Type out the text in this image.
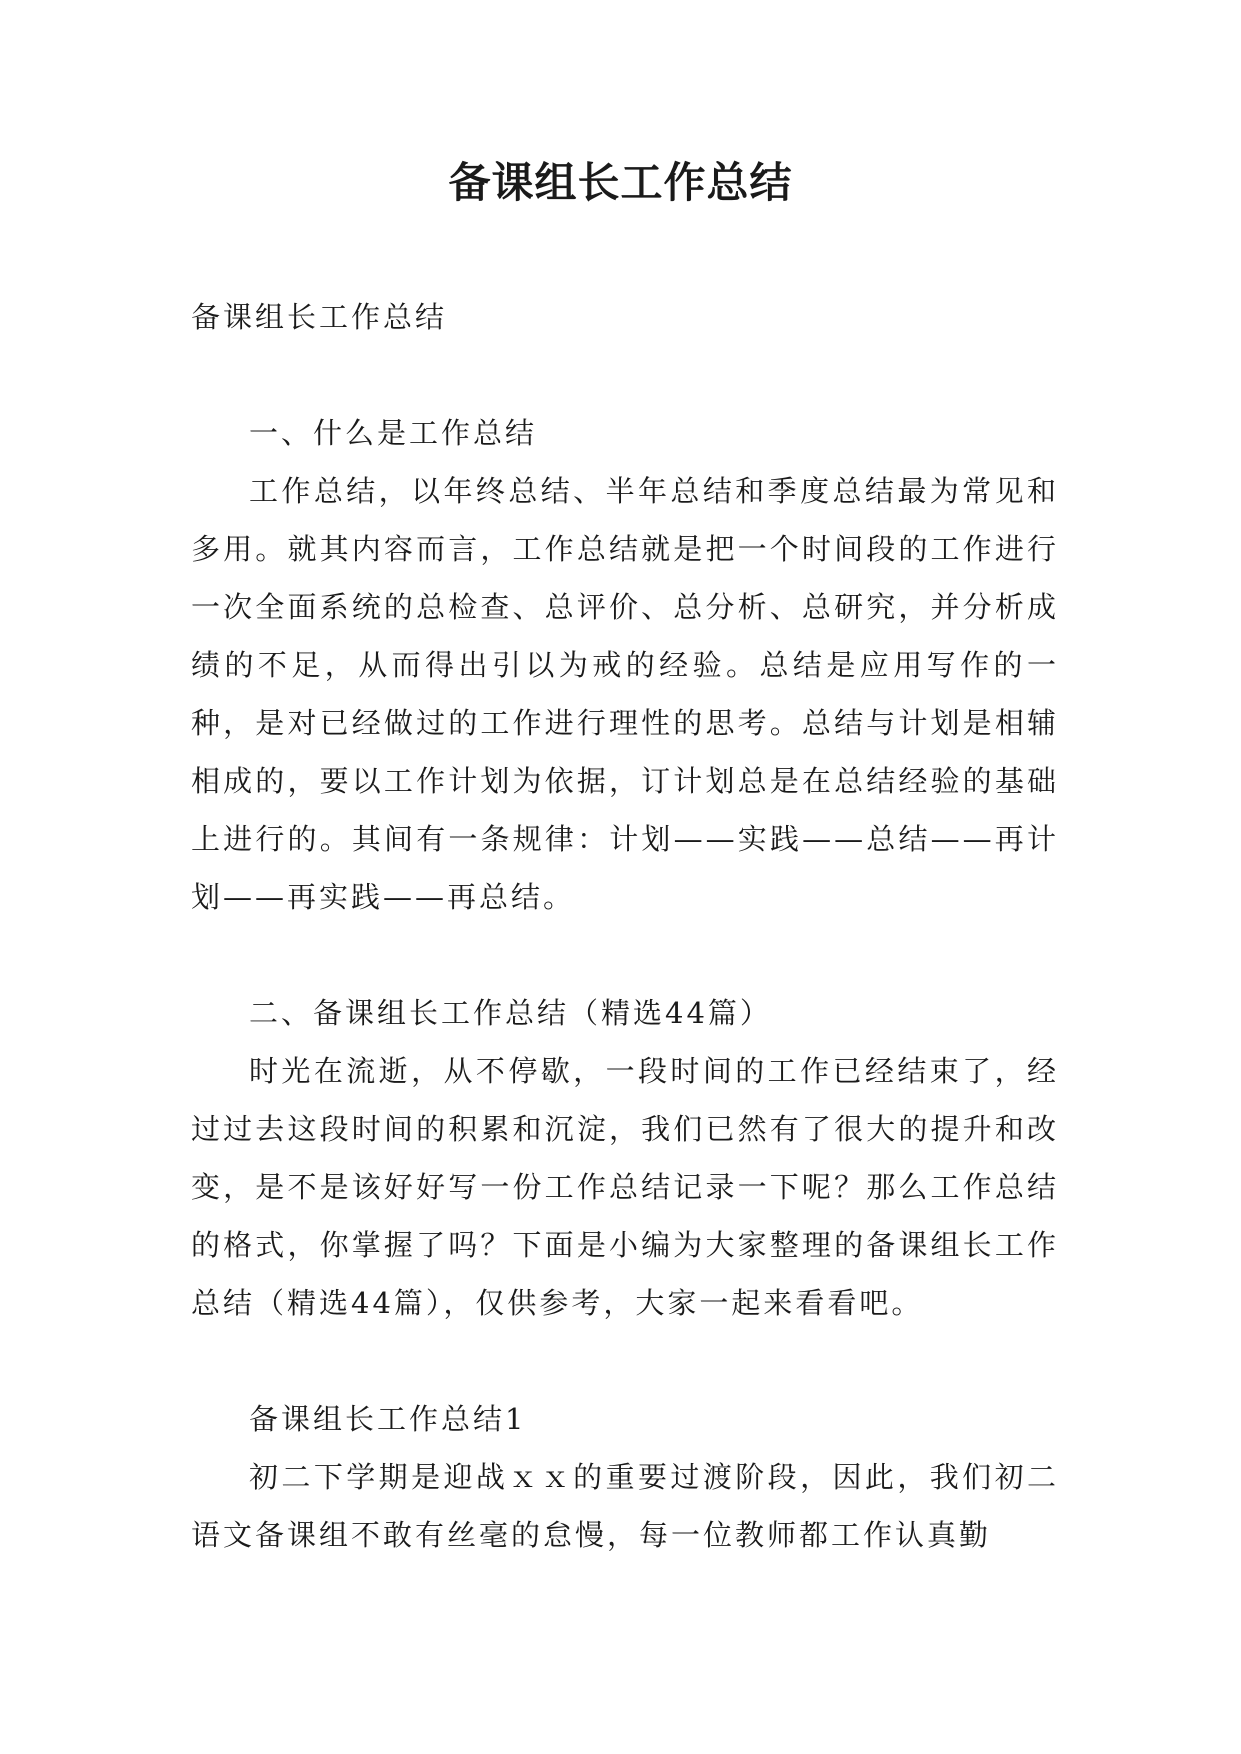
备课组长工作总结

备课组长工作总结

一、什么是工作总结

工作总结，以年终总结、半年总结和季度总结最为常见和多用。就其内容而言，工作总结就是把一个时间段的工作进行一次全面系统的总检查、总评价、总分析、总研究，并分析成绩的不足，从而得出引以为戒的经验。总结是应用写作的一种，是对已经做过的工作进行理性的思考。总结与计划是相辅相成的，要以工作计划为依据，订计划总是在总结经验的基础上进行的。其间有一条规律：计划——实践——总结——再计划——再实践——再总结。

二、备课组长工作总结（精选44篇）

时光在流逝，从不停歇，一段时间的工作已经结束了，经过过去这段时间的积累和沉淀，我们已然有了很大的提升和改变，是不是该好好写一份工作总结记录一下呢？那么工作总结的格式，你掌握了吗？下面是小编为大家整理的备课组长工作总结（精选44篇），仅供参考，大家一起来看看吧。

备课组长工作总结1

初二下学期是迎战ｘｘ的重要过渡阶段，因此，我们初二语文备课组不敢有丝毫的怠慢，每一位教师都工作认真勤
